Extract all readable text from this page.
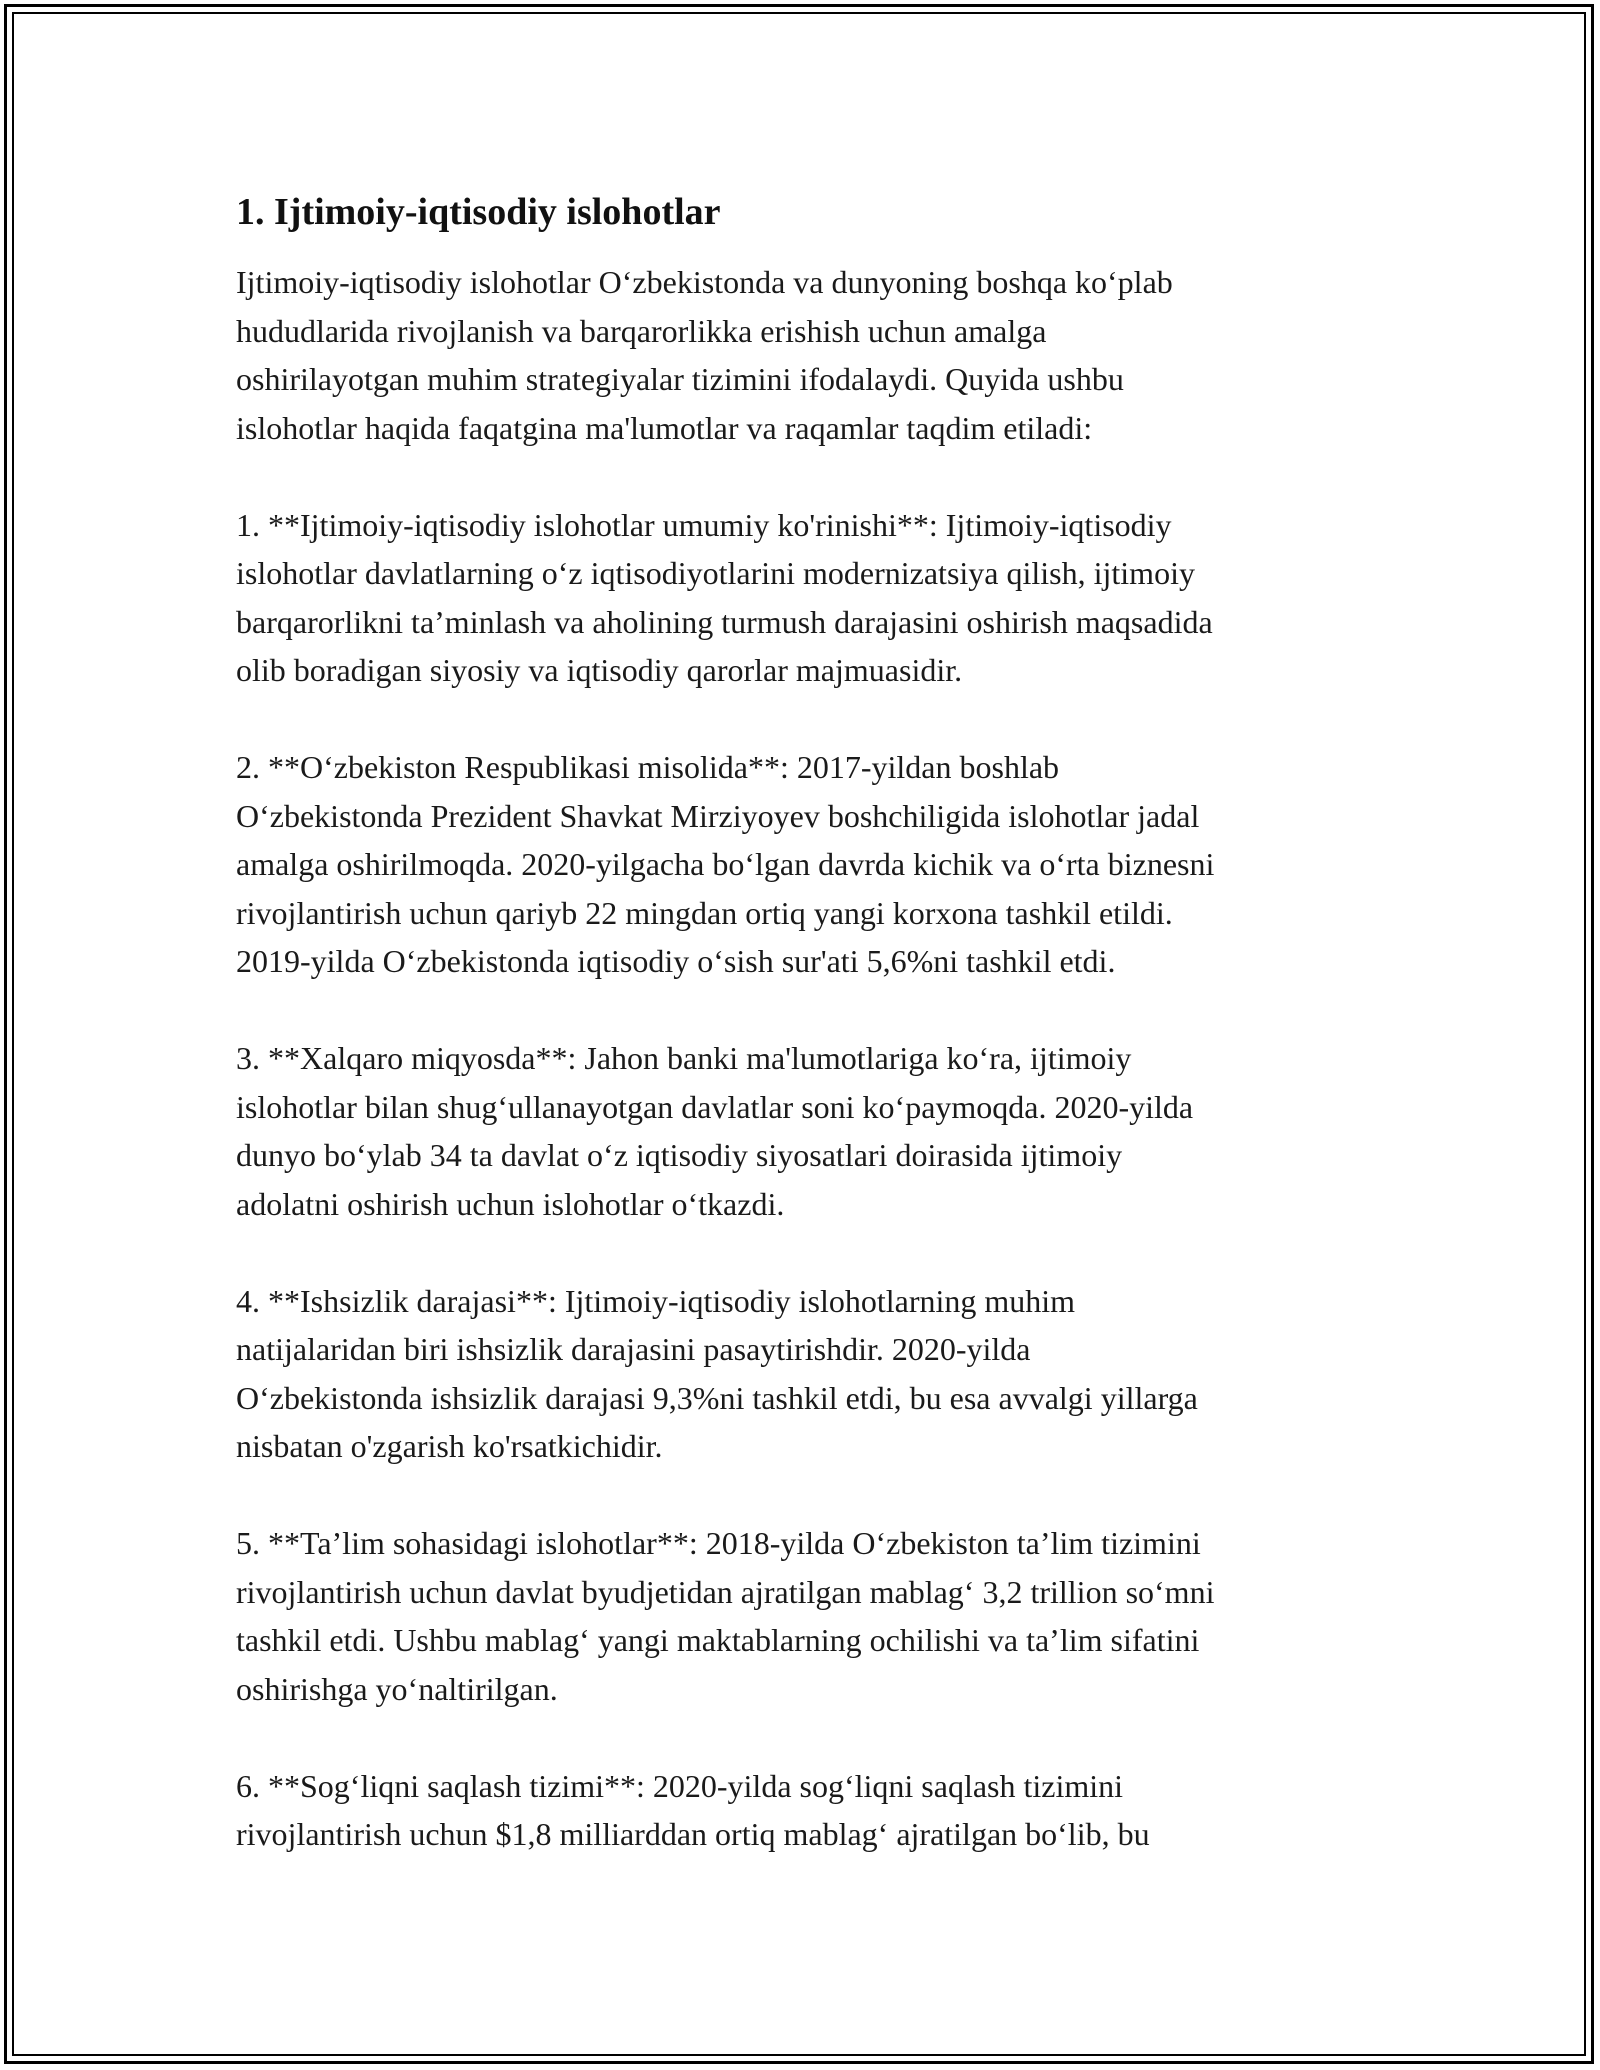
1. Ijtimoiy-iqtisodiy islohotlar

Ijtimoiy-iqtisodiy islohotlar O‘zbekistonda va dunyoning boshqa ko‘plab
hududlarida rivojlanish va barqarorlikka erishish uchun amalga
oshirilayotgan muhim strategiyalar tizimini ifodalaydi. Quyida ushbu
islohotlar haqida faqatgina ma'lumotlar va raqamlar taqdim etiladi:

1. **Ijtimoiy-iqtisodiy islohotlar umumiy ko'rinishi**: Ijtimoiy-iqtisodiy
islohotlar davlatlarning o‘z iqtisodiyotlarini modernizatsiya qilish, ijtimoiy
barqarorlikni ta’minlash va aholining turmush darajasini oshirish maqsadida
olib boradigan siyosiy va iqtisodiy qarorlar majmuasidir.

2. **O‘zbekiston Respublikasi misolida**: 2017-yildan boshlab
O‘zbekistonda Prezident Shavkat Mirziyoyev boshchiligida islohotlar jadal
amalga oshirilmoqda. 2020-yilgacha bo‘lgan davrda kichik va o‘rta biznesni
rivojlantirish uchun qariyb 22 mingdan ortiq yangi korxona tashkil etildi.
2019-yilda O‘zbekistonda iqtisodiy o‘sish sur'ati 5,6%ni tashkil etdi.

3. **Xalqaro miqyosda**: Jahon banki ma'lumotlariga ko‘ra, ijtimoiy
islohotlar bilan shug‘ullanayotgan davlatlar soni ko‘paymoqda. 2020-yilda
dunyo bo‘ylab 34 ta davlat o‘z iqtisodiy siyosatlari doirasida ijtimoiy
adolatni oshirish uchun islohotlar o‘tkazdi.

4. **Ishsizlik darajasi**: Ijtimoiy-iqtisodiy islohotlarning muhim
natijalaridan biri ishsizlik darajasini pasaytirishdir. 2020-yilda
O‘zbekistonda ishsizlik darajasi 9,3%ni tashkil etdi, bu esa avvalgi yillarga
nisbatan o'zgarish ko'rsatkichidir.

5. **Ta’lim sohasidagi islohotlar**: 2018-yilda O‘zbekiston ta’lim tizimini
rivojlantirish uchun davlat byudjetidan ajratilgan mablag‘ 3,2 trillion so‘mni
tashkil etdi. Ushbu mablag‘ yangi maktablarning ochilishi va ta’lim sifatini
oshirishga yo‘naltirilgan.

6. **Sog‘liqni saqlash tizimi**: 2020-yilda sog‘liqni saqlash tizimini
rivojlantirish uchun $1,8 milliarddan ortiq mablag‘ ajratilgan bo‘lib, bu
